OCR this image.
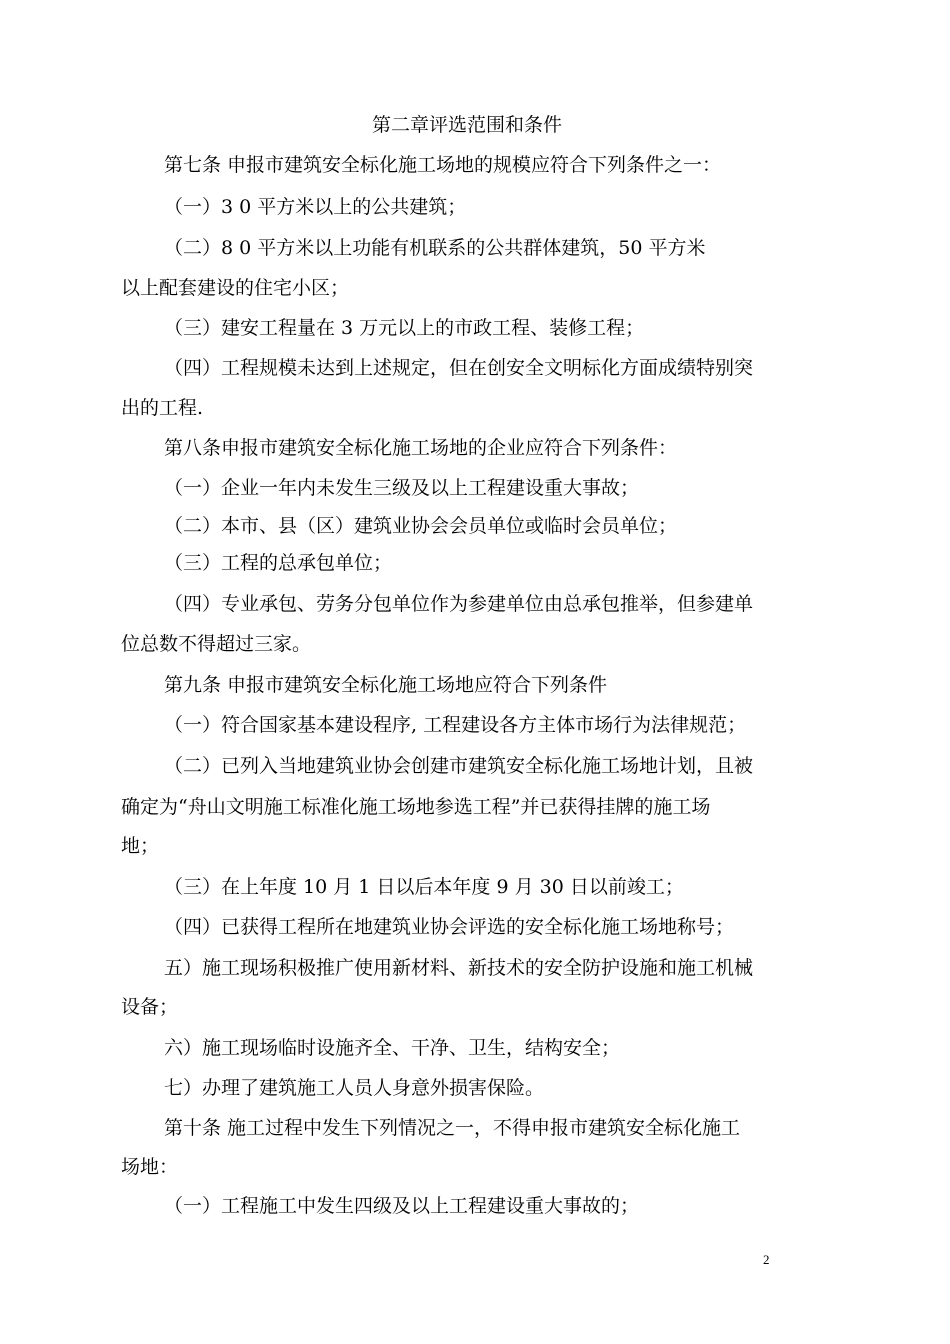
第二章评选范围和条件
第七条 申报市建筑安全标化施工场地的规模应符合下列条件之一：
（一）3 0 平方米以上的公共建筑；
（二）8 0 平方米以上功能有机联系的公共群体建筑，50 平方米
以上配套建设的住宅小区；
（三）建安工程量在 3 万元以上的市政工程、装修工程；
（四）工程规模未达到上述规定，但在创安全文明标化方面成绩特别突
出的工程.
第八条申报市建筑安全标化施工场地的企业应符合下列条件：
（一）企业一年内未发生三级及以上工程建设重大事故；
（二）本市、县（区）建筑业协会会员单位或临时会员单位；
（三）工程的总承包单位；
（四）专业承包、劳务分包单位作为参建单位由总承包推举，但参建单
位总数不得超过三家。
第九条 申报市建筑安全标化施工场地应符合下列条件
（一）符合国家基本建设程序, 工程建设各方主体市场行为法律规范；
（二）已列入当地建筑业协会创建市建筑安全标化施工场地计划，且被
确定为“舟山文明施工标准化施工场地参选工程”并已获得挂牌的施工场
地；
（三）在上年度 10 月 1 日以后本年度 9 月 30 日以前竣工；
（四）已获得工程所在地建筑业协会评选的安全标化施工场地称号；
五）施工现场积极推广使用新材料、新技术的安全防护设施和施工机械
设备；
六）施工现场临时设施齐全、干净、卫生，结构安全；
七）办理了建筑施工人员人身意外损害保险。
第十条 施工过程中发生下列情况之一，不得申报市建筑安全标化施工
场地：
（一）工程施工中发生四级及以上工程建设重大事故的；
2
